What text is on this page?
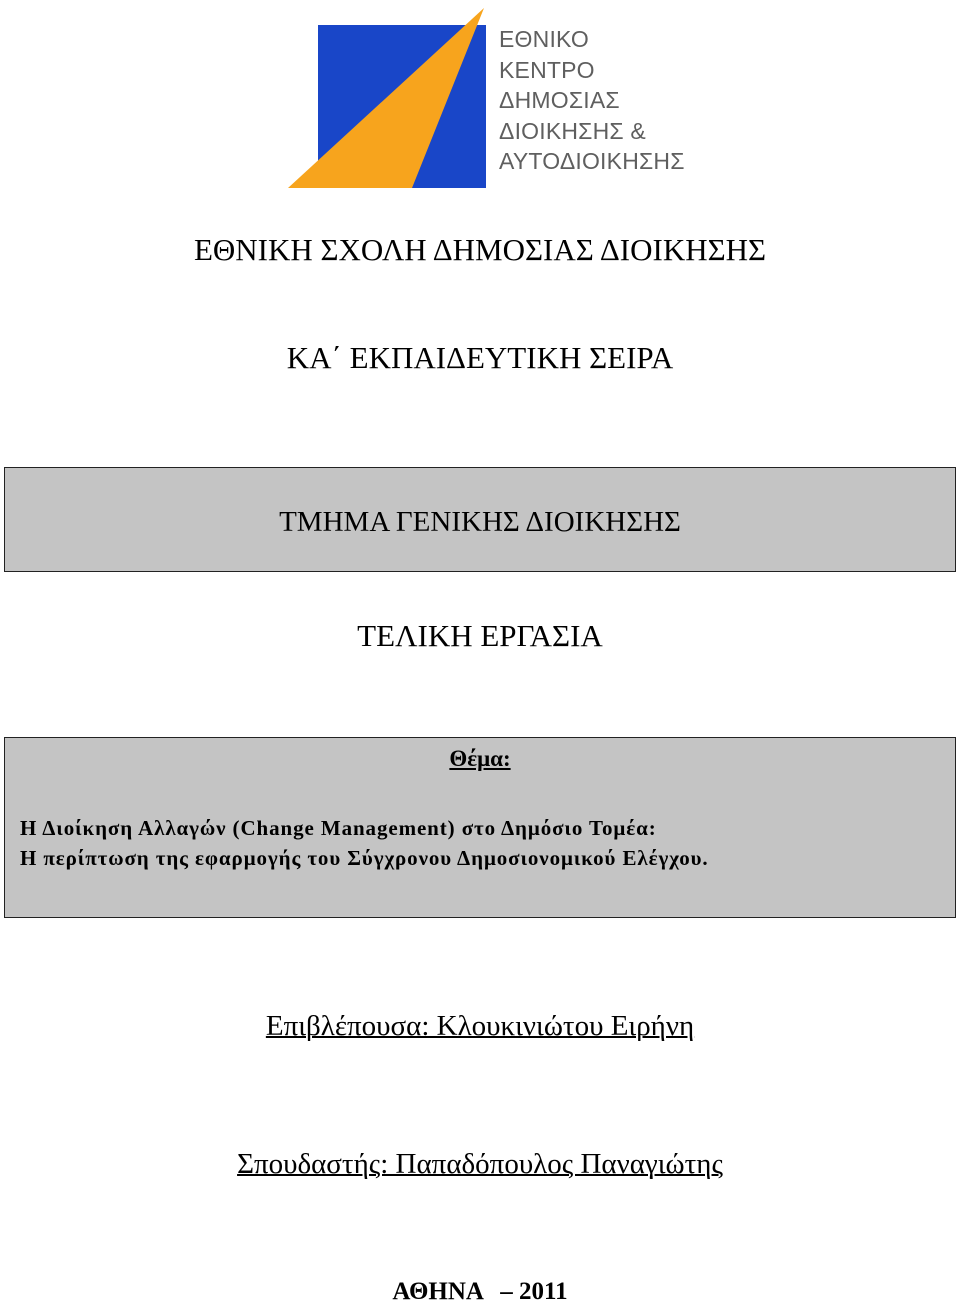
ΕΘΝΙΚΟ
ΚΕΝΤΡΟ
ΔΗΜΟΣΙΑΣ
ΔΙΟΙΚΗΣΗΣ &
ΑΥΤΟΔΙΟΙΚΗΣΗΣ
ΕΘΝΙΚΗ ΣΧΟΛΗ ΔΗΜΟΣΙΑΣ ΔΙΟΙΚΗΣΗΣ
ΚΑ΄ ΕΚΠΑΙΔΕΥΤΙΚΗ ΣΕΙΡΑ
ΤΜΗΜΑ ΓΕΝΙΚΗΣ ΔΙΟΙΚΗΣΗΣ
ΤΕΛΙΚΗ ΕΡΓΑΣΙΑ
Θέμα:
Η Διοίκηση Αλλαγών (Change Management) στο Δημόσιο Τομέα:
Η περίπτωση της εφαρμογής του Σύγχρονου Δημοσιονομικού Ελέγχου.
Επιβλέπουσα: Κλουκινιώτου Ειρήνη
Σπουδαστής: Παπαδόπουλος Παναγιώτης
ΑΘΗΝΑ – 2011
